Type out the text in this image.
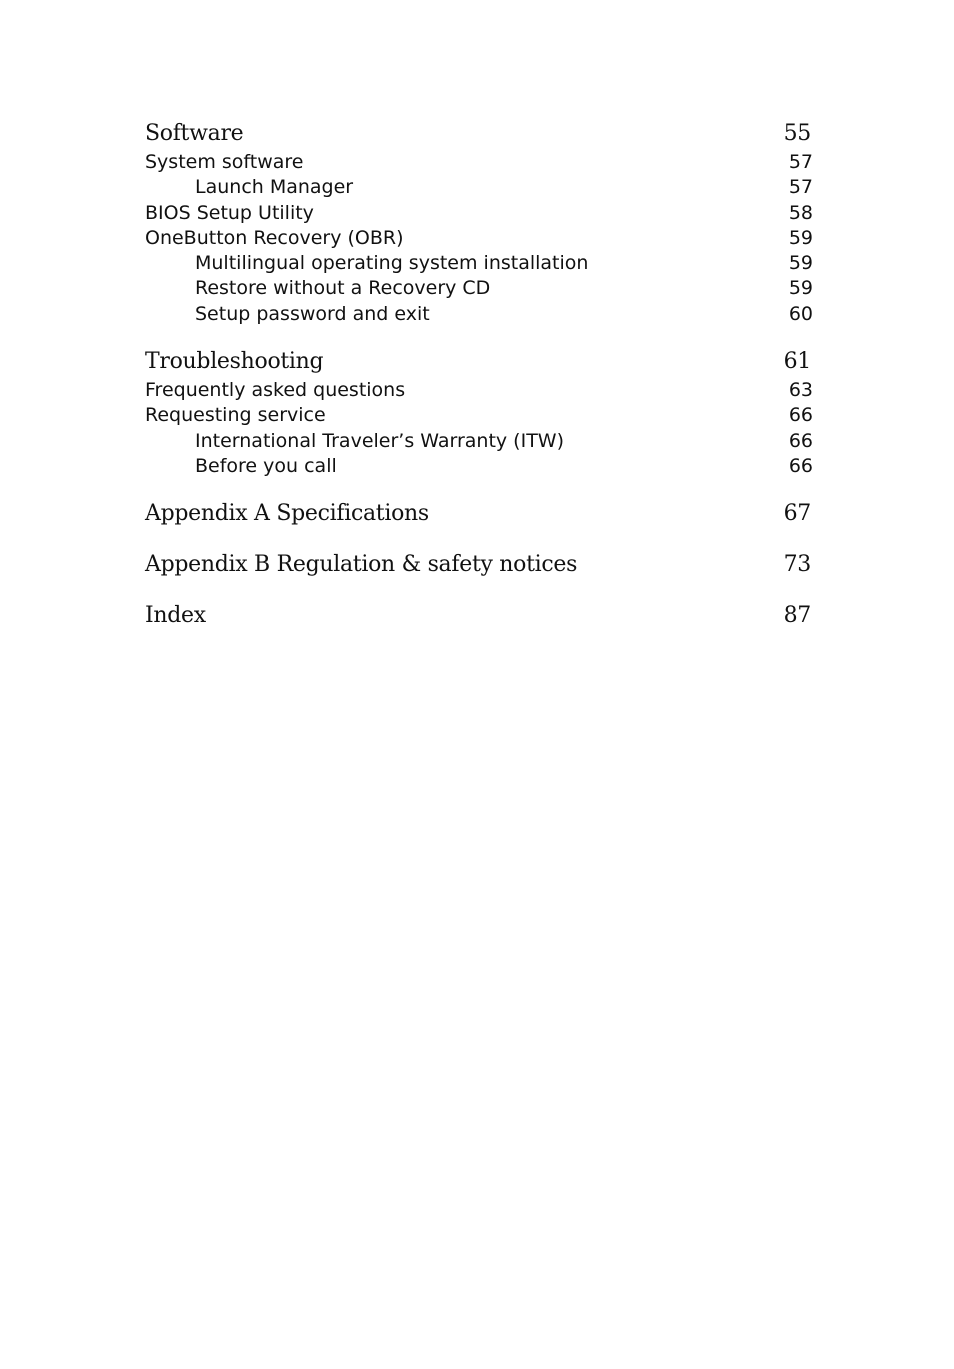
Software	55
System software	57
Launch Manager	57
BIOS Setup Utility	58
OneButton Recovery (OBR)	59
Multilingual operating system installation	59
Restore without a Recovery CD	59
Setup password and exit	60
Troubleshooting	61
Frequently asked questions	63
Requesting service	66
International Traveler’s Warranty (ITW)	66
Before you call	66
Appendix A Specifications	67
Appendix B Regulation & safety notices	73
Index	87
